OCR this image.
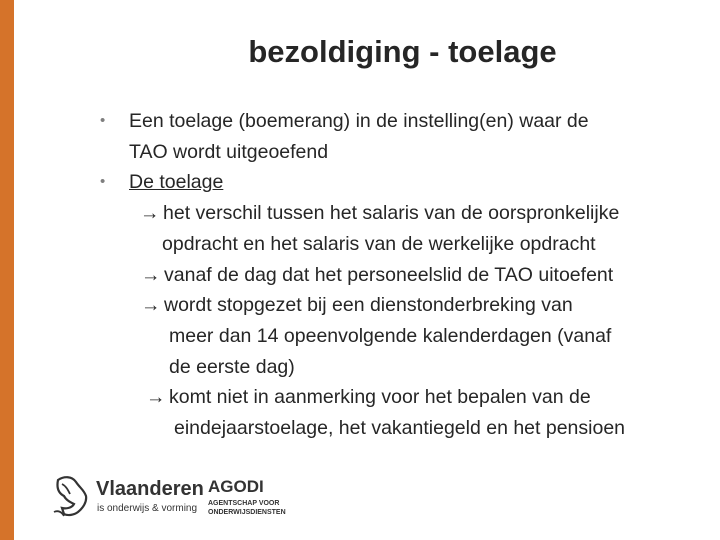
bezoldiging - toelage
• Een toelage (boemerang) in de instelling(en) waar de
TAO wordt uitgeoefend
• De toelage
→ het verschil tussen het salaris van de oorspronkelijke
opdracht en het salaris van de werkelijke opdracht
→ vanaf de dag dat het personeelslid de TAO uitoefent
→ wordt stopgezet bij een dienstonderbreking van
meer dan 14 opeenvolgende kalenderdagen (vanaf
de eerste dag)
→ komt niet in aanmerking voor het bepalen van de
eindejaarstoelage, het vakantiegeld en het pensioen
Vlaanderen
is onderwijs & vorming
AGODI
AGENTSCHAP VOOR
ONDERWIJSDIENSTEN
